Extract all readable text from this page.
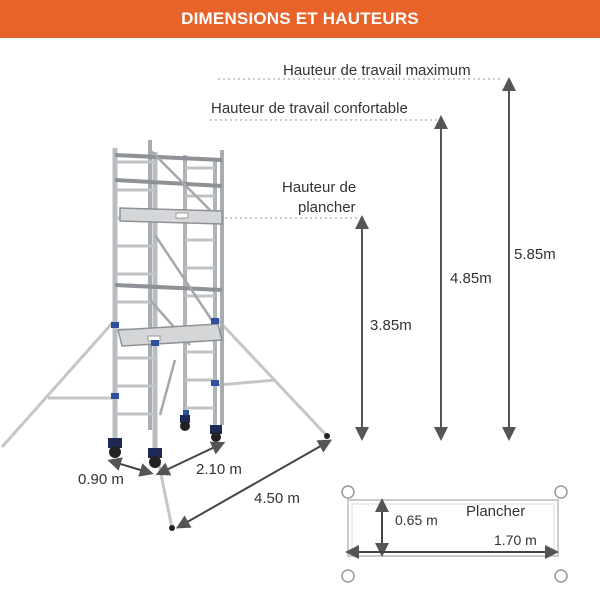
DIMENSIONS ET HAUTEURS
Hauteur de travail maximum
Hauteur de travail confortable
Hauteur de
plancher
3.85m
4.85m
5.85m
0.90 m
2.10 m
4.50 m
Plancher
0.65 m
1.70 m
